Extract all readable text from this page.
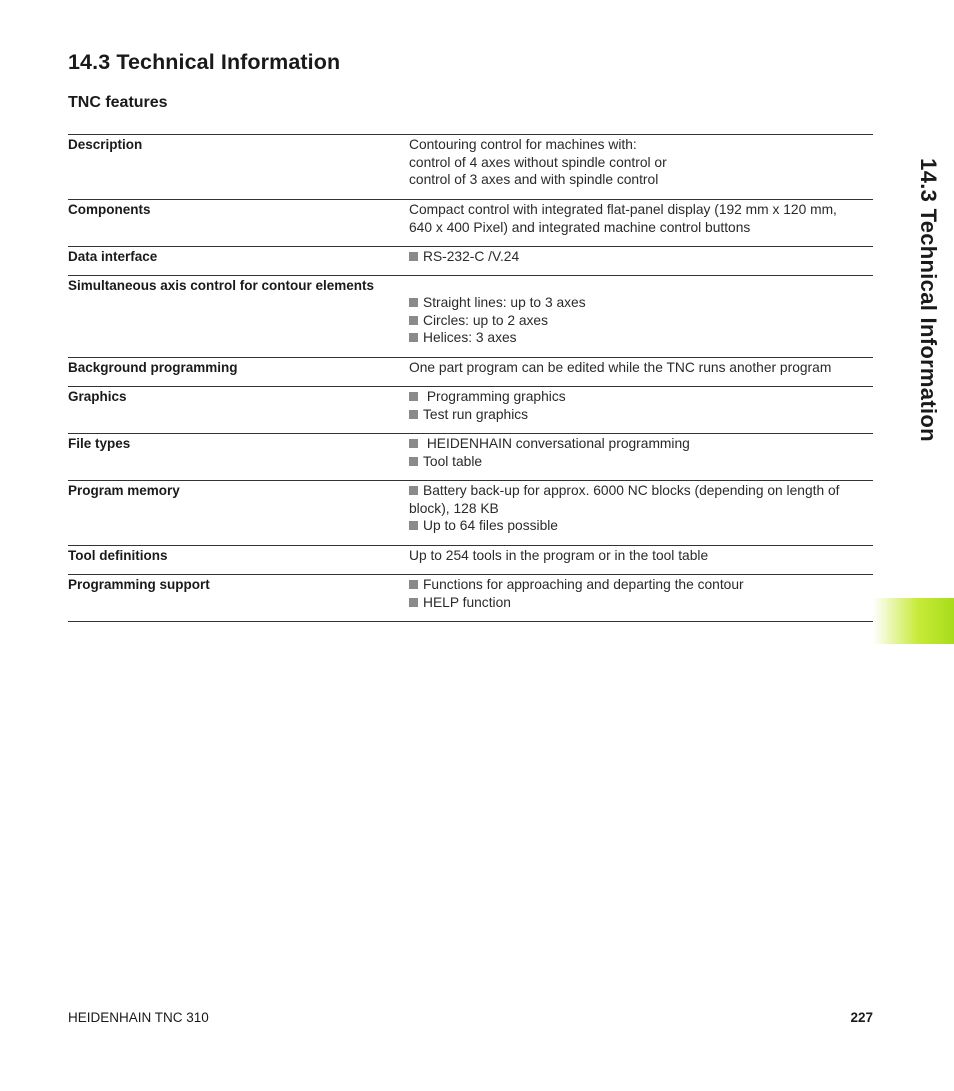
14.3 Technical Information
TNC features
Description	Contouring control for machines with:
control of 4 axes without spindle control or
control of 3 axes and with spindle control
Components	Compact control with integrated flat-panel display (192 mm x 120 mm,
640 x 400 Pixel) and integrated machine control buttons
Data interface	RS-232-C /V.24
Simultaneous axis control for contour elements
Straight lines: up to 3 axes
Circles: up to 2 axes
Helices: 3 axes
Background programming	One part program can be edited while the TNC runs another program
Graphics	Programming graphics
Test run graphics
File types	HEIDENHAIN conversational programming
Tool table
Program memory	Battery back-up for approx. 6000 NC blocks (depending on length of
block), 128 KB
Up to 64 files possible
Tool definitions	Up to 254 tools in the program or in the tool table
Programming support	Functions for approaching and departing the contour
HELP function
14.3 Technical Information
HEIDENHAIN TNC 310	227
